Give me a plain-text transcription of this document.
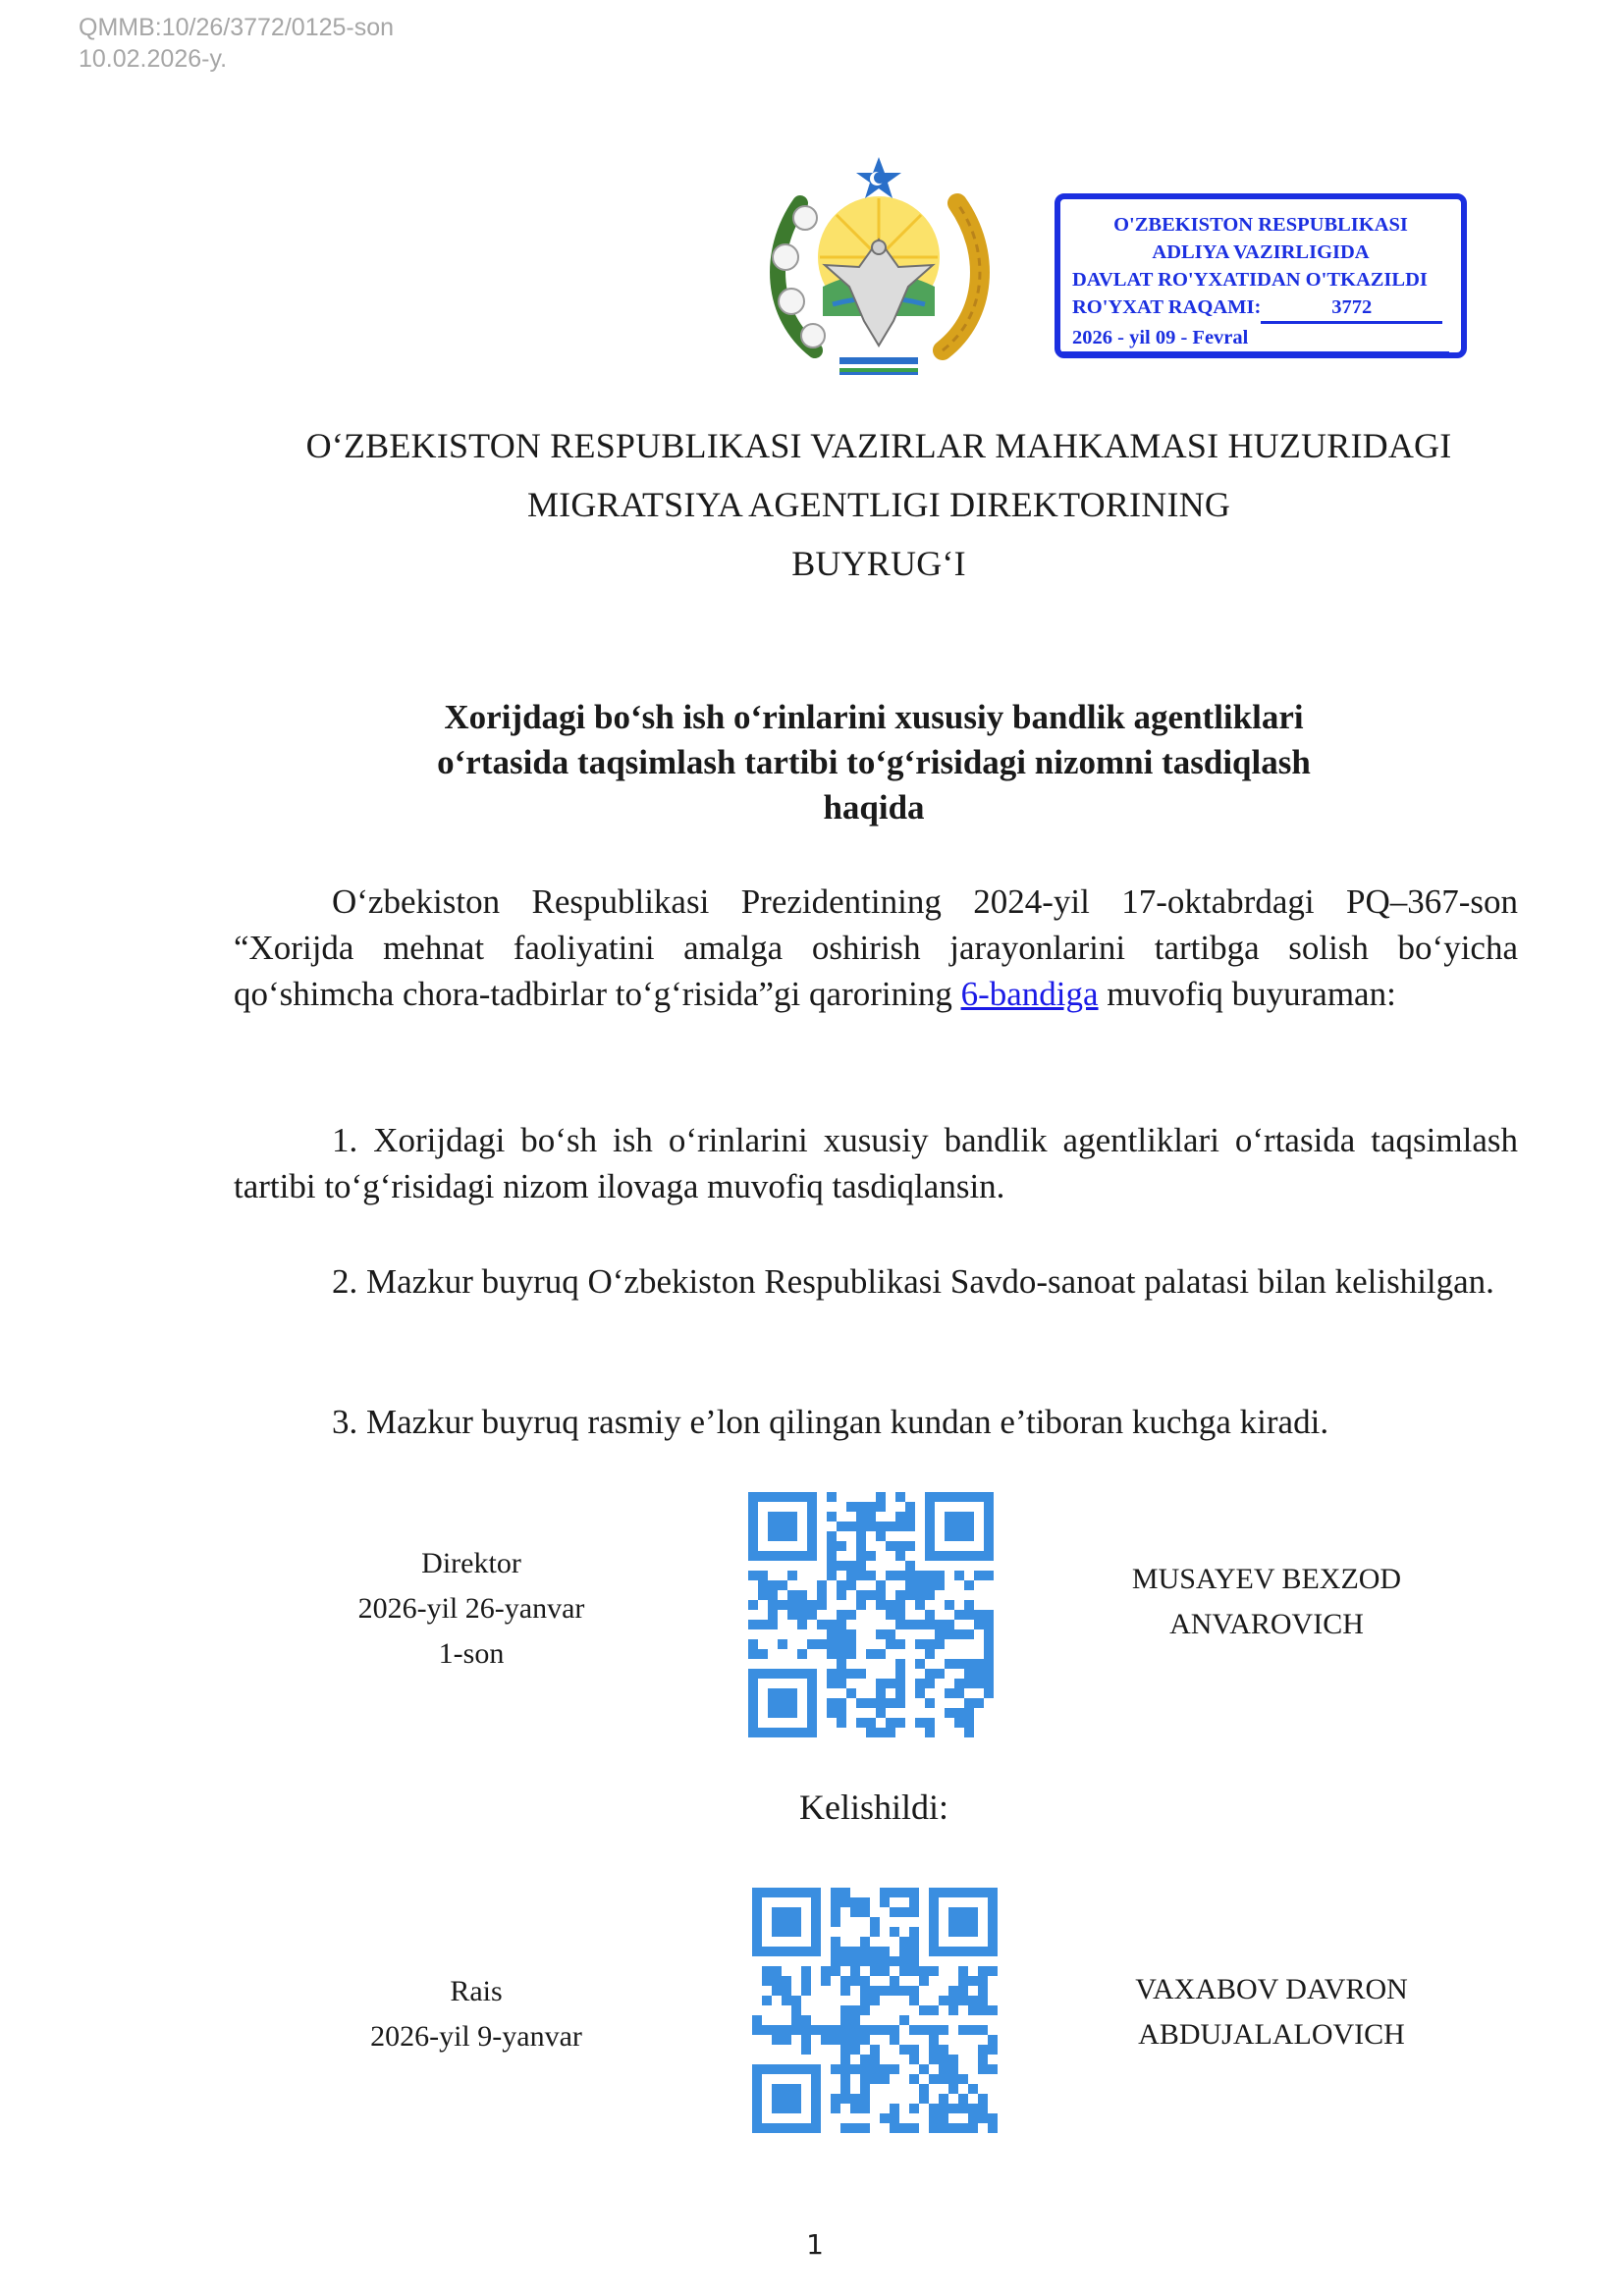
QMMB:10/26/3772/0125-son
10.02.2026-y.
O'ZBEKISTON RESPUBLIKASI
ADLIYA VAZIRLIGIDA
DAVLAT RO'YXATIDAN O'TKAZILDI
RO'YXAT RAQAMI:	3772
2026 - yil 09 - Fevral
OʻZBEKISTON RESPUBLIKASI VAZIRLAR MAHKAMASI HUZURIDAGI
MIGRATSIYA AGENTLIGI DIREKTORINING
BUYRUGʻI
Xorijdagi boʻsh ish oʻrinlarini xususiy bandlik agentliklari
oʻrtasida taqsimlash tartibi toʻgʻrisidagi nizomni tasdiqlash
haqida

Oʻzbekiston Respublikasi Prezidentining 2024-yil 17-oktabrdagi PQ–367-son “Xorijda mehnat faoliyatini amalga oshirish jarayonlarini tartibga solish boʻyicha qoʻshimcha chora-tadbirlar toʻgʻrisida”gi qarorining 6-bandiga muvofiq buyuraman:

1. Xorijdagi boʻsh ish oʻrinlarini xususiy bandlik agentliklari oʻrtasida taqsimlash tartibi toʻgʻrisidagi nizom ilovaga muvofiq tasdiqlansin.

2. Mazkur buyruq Oʻzbekiston Respublikasi Savdo-sanoat palatasi bilan kelishilgan.

3. Mazkur buyruq rasmiy e’lon qilingan kundan e’tiboran kuchga kiradi.

Direktor
2026-yil 26-yanvar
1-son
MUSAYEV BEXZOD
ANVAROVICH
Kelishildi:
Rais
2026-yil 9-yanvar
VAXABOV DAVRON
ABDUJALALOVICH
1
